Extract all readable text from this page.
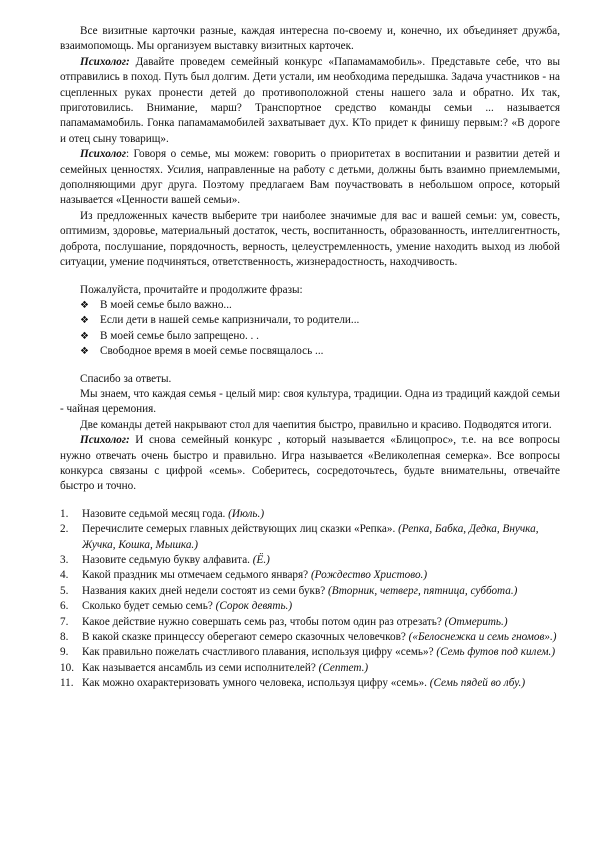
Все визитные карточки разные, каждая интересна по-своему и, конечно, их объединяет дружба, взаимопомощь. Мы организуем выставку визитных карточек.

Психолог: Давайте проведем семейный конкурс «Папамамамобиль». Представьте себе, что вы отправились в поход. Путь был долгим. Дети устали, им необходима передышка. Задача участников - на сцепленных руках пронести детей до противоположной стены нашего зала и обратно. Их так, приготовились. Внимание, марш? Транспортное средство команды семьи ... называется папамамамобиль. Гонка папамамамобилей захватывает дух. КТо придет к финишу первым:? «В дороге и отец сыну товарищ».

Психолог: Говоря о семье, мы можем: говорить о приоритетах в воспитании и развитии детей и семейных ценностях. Усилия, направленные на работу с детьми, должны быть взаимно приемлемыми, дополняющими друг друга. Поэтому предлагаем Вам поучаствовать в небольшом опросе, который называется «Ценности вашей семьи».

Из предложенных качеств выберите три наиболее значимые для вас и вашей семьи: ум, совесть, оптимизм, здоровье, материальный достаток, честь, воспитанность, образованность, интеллигентность, доброта, послушание, порядочность, верность, целеустремленность, умение находить выход из любой ситуации, умение подчиняться, ответственность, жизнерадостность, находчивость.

Пожалуйста, прочитайте и продолжите фразы:

❖ В моей семье было важно...
❖ Если дети в нашей семье капризничали, то родители...
❖ В моей семье было запрещено. . .
❖ Свободное время в моей семье посвящалось ...

Спасибо за ответы.

Мы знаем, что каждая семья - целый мир: своя культура, традиции. Одна из традиций каждой семьи - чайная церемония.

Две команды детей накрывают стол для чаепития быстро, правильно и красиво. Подводятся итоги.

Психолог: И снова семейный конкурс , который называется «Блицопрос», т.е. на все вопросы нужно отвечать очень быстро и правильно. Игра называется «Великолепная семерка». Все вопросы конкурса связаны с цифрой «семь». Соберитесь, сосредоточьтесь, будьте внимательны, отвечайте быстро и точно.

1. Назовите седьмой месяц года. (Июль.)
2. Перечислите семерых главных действующих лиц сказки «Репка». (Репка, Бабка, Дедка, Внучка, Жучка, Кошка, Мышка.)
3. Назовите седьмую букву алфавита. (Ё.)
4. Какой праздник мы отмечаем седьмого января? (Рождество Христово.)
5. Названия каких дней недели состоят из семи букв? (Вторник, четверг, пятница, суббота.)
6. Сколько будет семью семь? (Сорок девять.)
7. Какое действие нужно совершать семь раз, чтобы потом один раз отрезать? (Отмерить.)
8. В какой сказке принцессу оберегают семеро сказочных человечков? («Белоснежка и семь гномов».)
9. Как правильно пожелать счастливого плавания, используя цифру «семь»? (Семь футов под килем.)
10. Как называется ансамбль из семи исполнителей? (Септет.)
11. Как можно охарактеризовать умного человека, используя цифру «семь». (Семь пядей во лбу.)
